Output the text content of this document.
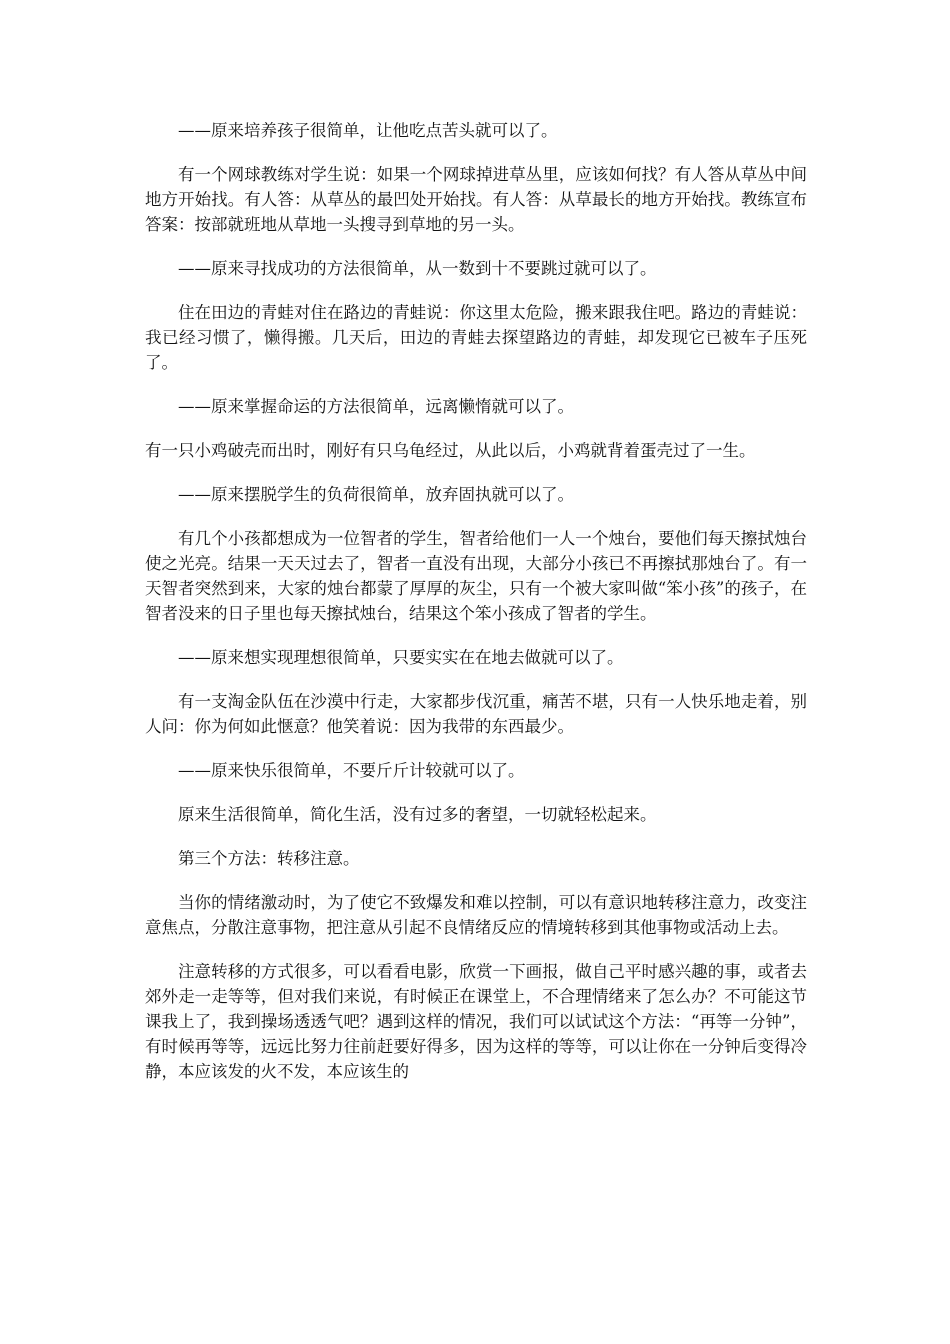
——原来培养孩子很简单，让他吃点苦头就可以了。

有一个网球教练对学生说：如果一个网球掉进草丛里，应该如何找？有人答从草丛中间地方开始找。有人答：从草丛的最凹处开始找。有人答：从草最长的地方开始找。教练宣布答案：按部就班地从草地一头搜寻到草地的另一头。

——原来寻找成功的方法很简单，从一数到十不要跳过就可以了。

住在田边的青蛙对住在路边的青蛙说：你这里太危险，搬来跟我住吧。路边的青蛙说：我已经习惯了，懒得搬。几天后，田边的青蛙去探望路边的青蛙，却发现它已被车子压死了。

——原来掌握命运的方法很简单，远离懒惰就可以了。

有一只小鸡破壳而出时，刚好有只乌龟经过，从此以后，小鸡就背着蛋壳过了一生。

——原来摆脱学生的负荷很简单，放弃固执就可以了。

有几个小孩都想成为一位智者的学生，智者给他们一人一个烛台，要他们每天擦拭烛台使之光亮。结果一天天过去了，智者一直没有出现，大部分小孩已不再擦拭那烛台了。有一天智者突然到来，大家的烛台都蒙了厚厚的灰尘，只有一个被大家叫做“笨小孩”的孩子，在智者没来的日子里也每天擦拭烛台，结果这个笨小孩成了智者的学生。

——原来想实现理想很简单，只要实实在在地去做就可以了。

有一支淘金队伍在沙漠中行走，大家都步伐沉重，痛苦不堪，只有一人快乐地走着，别人问：你为何如此惬意？他笑着说：因为我带的东西最少。

——原来快乐很简单，不要斤斤计较就可以了。

原来生活很简单，简化生活，没有过多的奢望，一切就轻松起来。

第三个方法：转移注意。

当你的情绪激动时，为了使它不致爆发和难以控制，可以有意识地转移注意力，改变注意焦点，分散注意事物，把注意从引起不良情绪反应的情境转移到其他事物或活动上去。

注意转移的方式很多，可以看看电影，欣赏一下画报，做自己平时感兴趣的事，或者去郊外走一走等等，但对我们来说，有时候正在课堂上，不合理情绪来了怎么办？不可能这节课我上了，我到操场透透气吧？遇到这样的情况，我们可以试试这个方法：“再等一分钟”，有时候再等等，远远比努力往前赶要好得多，因为这样的等等，可以让你在一分钟后变得冷静，本应该发的火不发，本应该生的
